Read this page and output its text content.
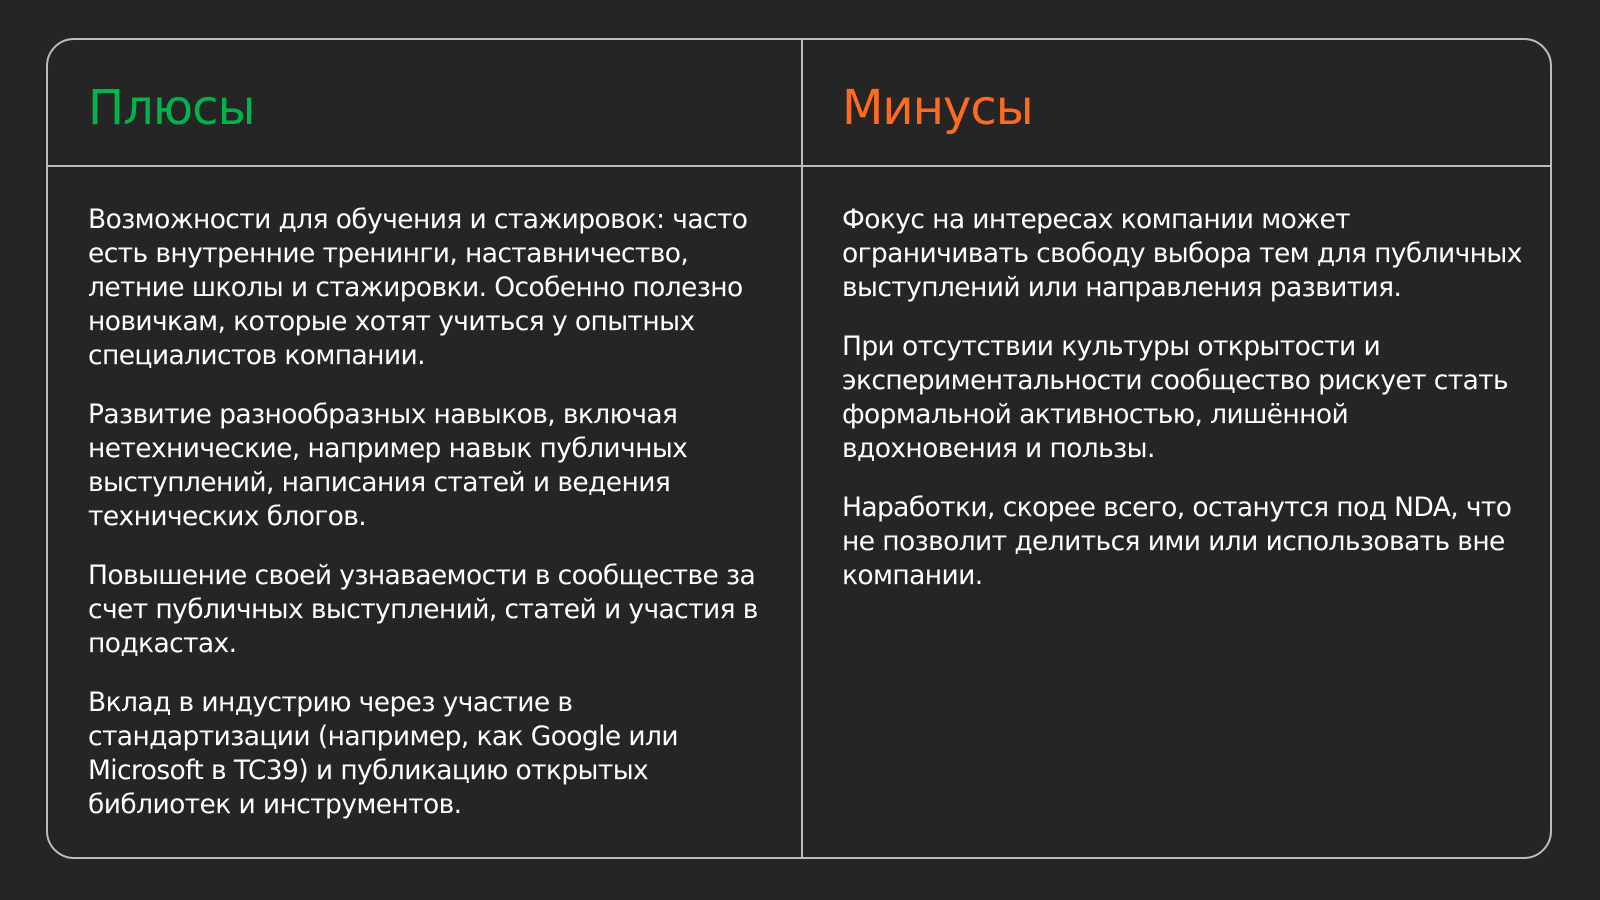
Плюсы	Минусы

Возможности для обучения и стажировок: часто есть внутренние тренинги, наставничество, летние школы и стажировки. Особенно полезно новичкам, которые хотят учиться у опытных специалистов компании.

Развитие разнообразных навыков, включая нетехнические, например навык публичных выступлений, написания статей и ведения технических блогов.

Повышение своей узнаваемости в сообществе за счет публичных выступлений, статей и участия в подкастах.

Вклад в индустрию через участие в стандартизации (например, как Google или Microsoft в TC39) и публикацию открытых библиотек и инструментов.

Фокус на интересах компании может ограничивать свободу выбора тем для публичных выступлений или направления развития.

При отсутствии культуры открытости и экспериментальности сообщество рискует стать формальной активностью, лишённой вдохновения и пользы.

Наработки, скорее всего, останутся под NDA, что не позволит делиться ими или использовать вне компании.
